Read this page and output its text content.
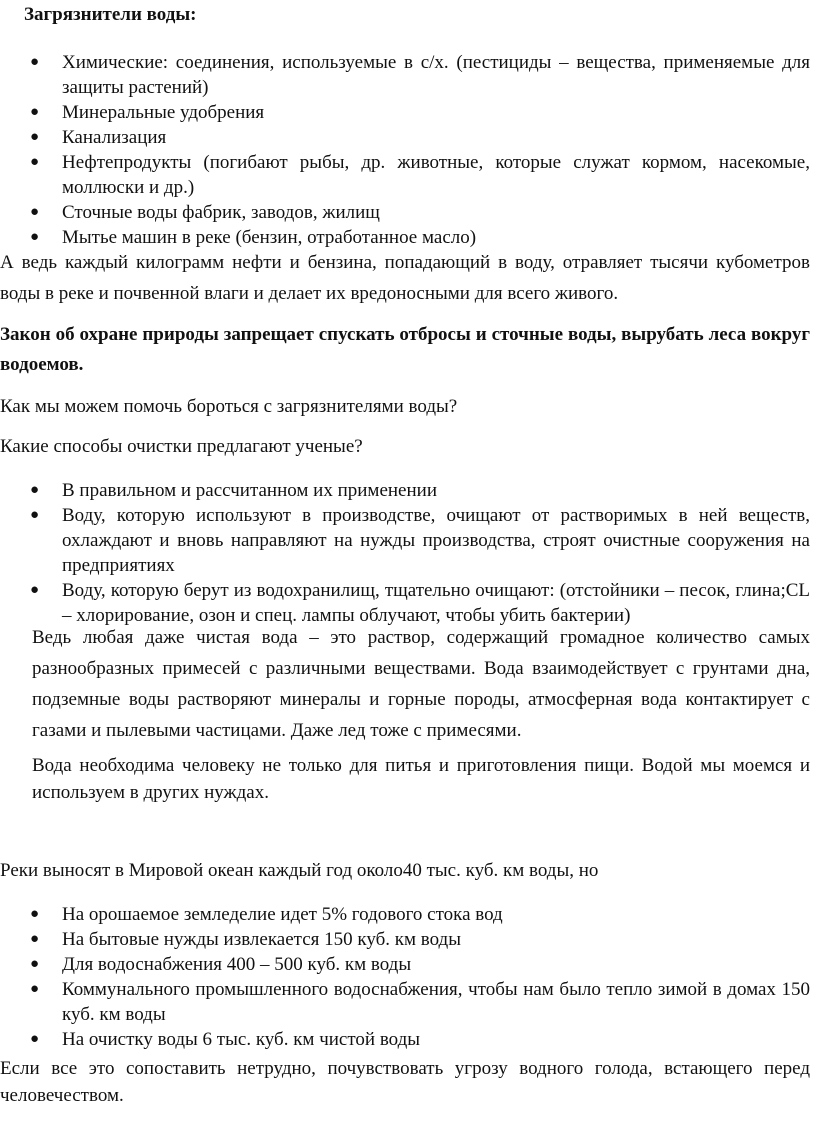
Загрязнители воды:

● Химические: соединения, используемые в с/х. (пестициды – вещества, применяемые для защиты растений)
● Минеральные удобрения
● Канализация
● Нефтепродукты (погибают рыбы, др. животные, которые служат кормом, насекомые, моллюски и др.)
● Сточные воды фабрик, заводов, жилищ
● Мытье машин в реке (бензин, отработанное масло)

А ведь каждый килограмм нефти и бензина, попадающий в воду, отравляет тысячи кубометров воды в реке и почвенной влаги и делает их вредоносными для всего живого.

Закон об охране природы запрещает спускать отбросы и сточные воды, вырубать леса вокруг водоемов.

Как мы можем помочь бороться с загрязнителями воды?

Какие способы очистки предлагают ученые?

● В правильном и рассчитанном их применении
● Воду, которую используют в производстве, очищают от растворимых в ней веществ, охлаждают и вновь направляют на нужды производства, строят очистные сооружения на предприятиях
● Воду, которую берут из водохранилищ, тщательно очищают: (отстойники – песок, глина;CL – хлорирование, озон и спец. лампы облучают, чтобы убить бактерии)

Ведь любая даже чистая вода – это раствор, содержащий громадное количество самых разнообразных примесей с различными веществами. Вода взаимодействует с грунтами дна, подземные воды растворяют минералы и горные породы, атмосферная вода контактирует с газами и пылевыми частицами. Даже лед тоже с примесями.

Вода необходима человеку не только для питья и приготовления пищи. Водой мы моемся и используем в других нуждах.

Реки выносят в Мировой океан каждый год около40 тыс. куб. км воды, но

● На орошаемое земледелие идет 5% годового стока вод
● На бытовые нужды извлекается 150 куб. км воды
● Для водоснабжения 400 – 500 куб. км воды
● Коммунального промышленного водоснабжения, чтобы нам было тепло зимой в домах 150 куб. км воды
● На очистку воды 6 тыс. куб. км чистой воды

Если все это сопоставить нетрудно, почувствовать угрозу водного голода, встающего перед человечеством.
